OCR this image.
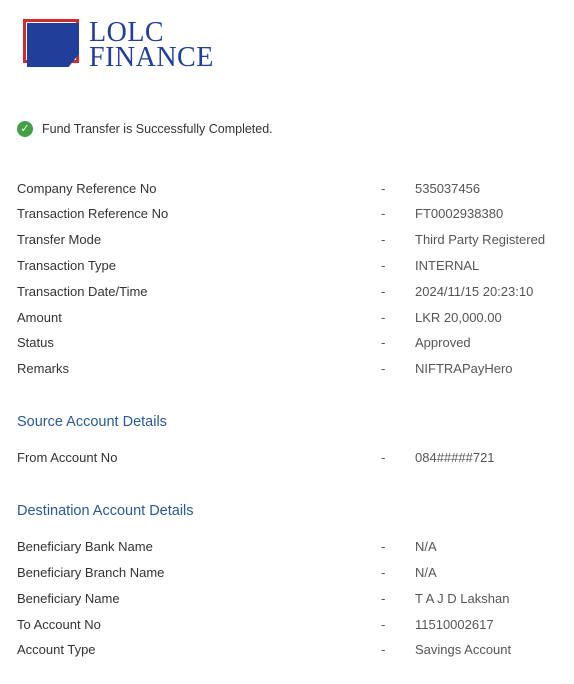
LOLC
FINANCE
✓ Fund Transfer is Successfully Completed.
Company Reference No	-	535037456
Transaction Reference No	-	FT0002938380
Transfer Mode	-	Third Party Registered
Transaction Type	-	INTERNAL
Transaction Date/Time	-	2024/11/15 20:23:10
Amount	-	LKR 20,000.00
Status	-	Approved
Remarks	-	NIFTRAPayHero
Source Account Details
From Account No	-	084#####721
Destination Account Details
Beneficiary Bank Name	-	N/A
Beneficiary Branch Name	-	N/A
Beneficiary Name	-	T A J D Lakshan
To Account No	-	11510002617
Account Type	-	Savings Account
